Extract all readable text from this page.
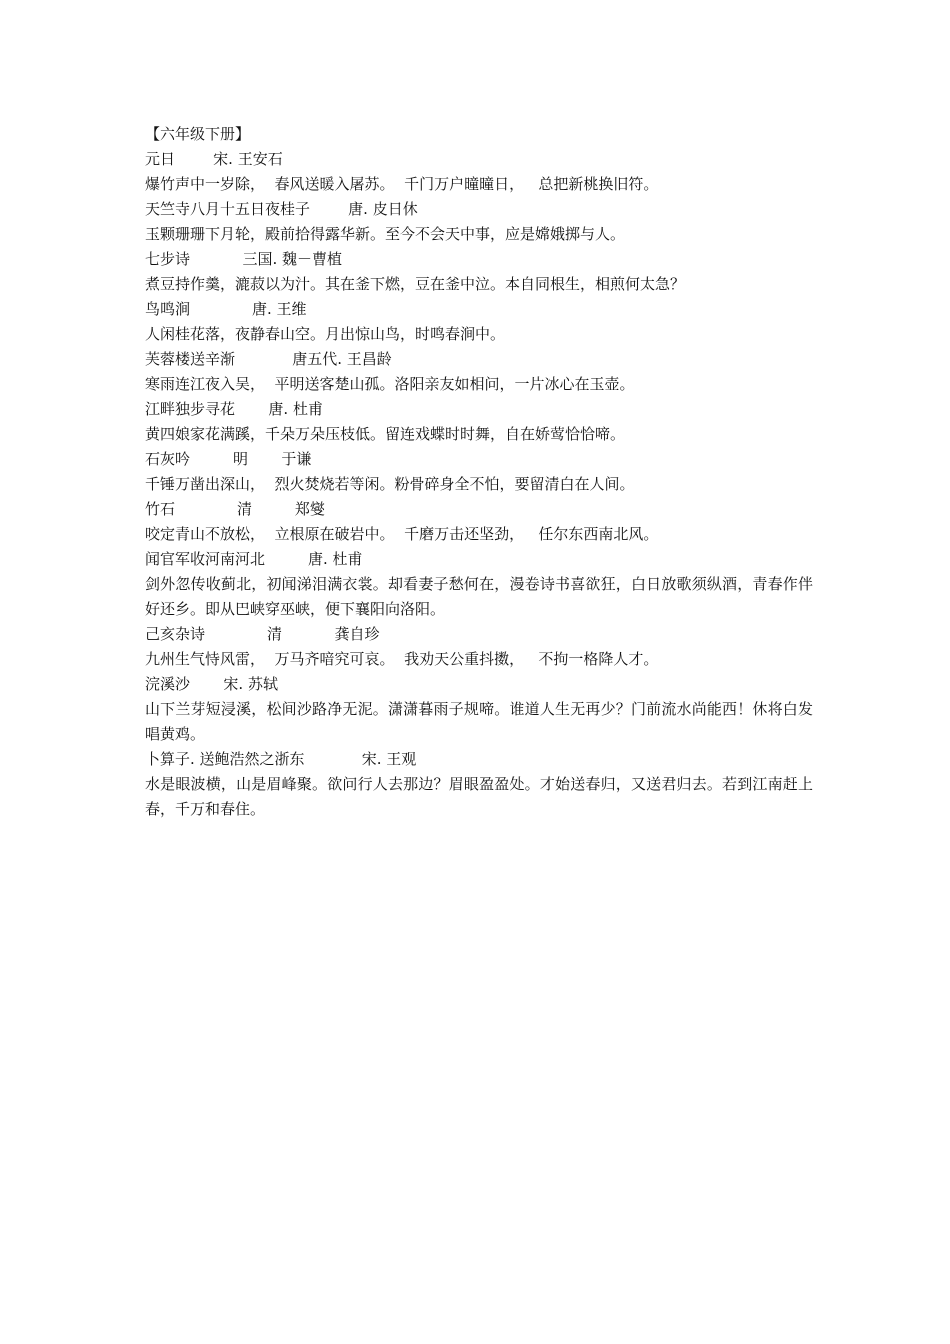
【六年级下册】
元日	宋. 王安石
爆竹声中一岁除，  春风送暖入屠苏。  千门万户曈曈日，   总把新桃换旧符。
天竺寺八月十五日夜桂子	唐. 皮日休
玉颗珊珊下月轮，殿前拾得露华新。至今不会天中事，应是嫦娥掷与人。
七步诗	三国. 魏－曹植
煮豆持作羹，漉菽以为汁。其在釜下燃，豆在釜中泣。本自同根生，相煎何太急？
鸟鸣涧	唐. 王维
人闲桂花落，夜静春山空。月出惊山鸟，时鸣春涧中。
芙蓉楼送辛渐	唐五代. 王昌龄
寒雨连江夜入吴，  平明送客楚山孤。洛阳亲友如相问，一片冰心在玉壶。
江畔独步寻花 唐. 杜甫
黄四娘家花满蹊，千朵万朵压枝低。留连戏蝶时时舞，自在娇莺恰恰啼。
石灰吟	明       于谦
千锤万凿出深山，  烈火焚烧若等闲。粉骨碎身全不怕，要留清白在人间。
竹石	清         郑燮
咬定青山不放松，  立根原在破岩中。  千磨万击还坚劲，   任尔东西南北风。
闻官军收河南河北	唐. 杜甫
剑外忽传收蓟北，初闻涕泪满衣裳。却看妻子愁何在，漫卷诗书喜欲狂，白日放歌须纵酒，青春作伴好还乡。即从巴峡穿巫峡，便下襄阳向洛阳。
己亥杂诗	清           龚自珍
九州生气恃风雷，  万马齐喑究可哀。  我劝天公重抖擞，   不拘一格降人才。
浣溪沙 宋. 苏轼
山下兰芽短浸溪，松间沙路净无泥。潇潇暮雨子规啼。谁道人生无再少？门前流水尚能西！休将白发唱黄鸡。
卜算子. 送鲍浩然之浙东	宋. 王观
水是眼波横，山是眉峰聚。欲问行人去那边？眉眼盈盈处。才始送春归，又送君归去。若到江南赶上春，千万和春住。
